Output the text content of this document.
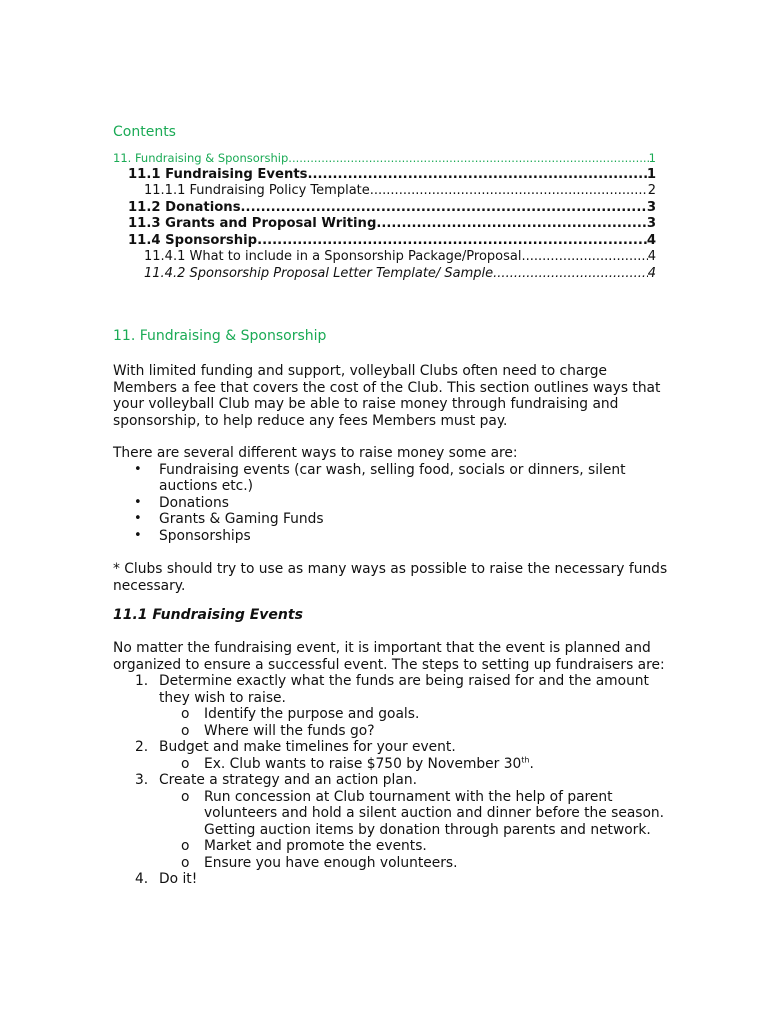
Contents
11. Fundraising & Sponsorship .....	1
11.1 Fundraising Events .....	1
11.1.1 Fundraising Policy Template .....	2
11.2 Donations .....	3
11.3 Grants and Proposal Writing .....	3
11.4 Sponsorship .....	4
11.4.1 What to include in a Sponsorship Package/Proposal .....	4
11.4.2 Sponsorship Proposal Letter Template/ Sample .....	4
11. Fundraising & Sponsorship
With limited funding and support, volleyball Clubs often need to charge Members a fee that covers the cost of the Club. This section outlines ways that your volleyball Club may be able to raise money through fundraising and sponsorship, to help reduce any fees Members must pay.
There are several different ways to raise money some are:
• Fundraising events (car wash, selling food, socials or dinners, silent auctions etc.)
• Donations
• Grants & Gaming Funds
• Sponsorships
* Clubs should try to use as many ways as possible to raise the necessary funds necessary.
11.1 Fundraising Events
No matter the fundraising event, it is important that the event is planned and organized to ensure a successful event. The steps to setting up fundraisers are:
1. Determine exactly what the funds are being raised for and the amount they wish to raise.
o Identify the purpose and goals.
o Where will the funds go?
2. Budget and make timelines for your event.
o Ex. Club wants to raise $750 by November 30th.
3. Create a strategy and an action plan.
o Run concession at Club tournament with the help of parent volunteers and hold a silent auction and dinner before the season. Getting auction items by donation through parents and network.
o Market and promote the events.
o Ensure you have enough volunteers.
4. Do it!
